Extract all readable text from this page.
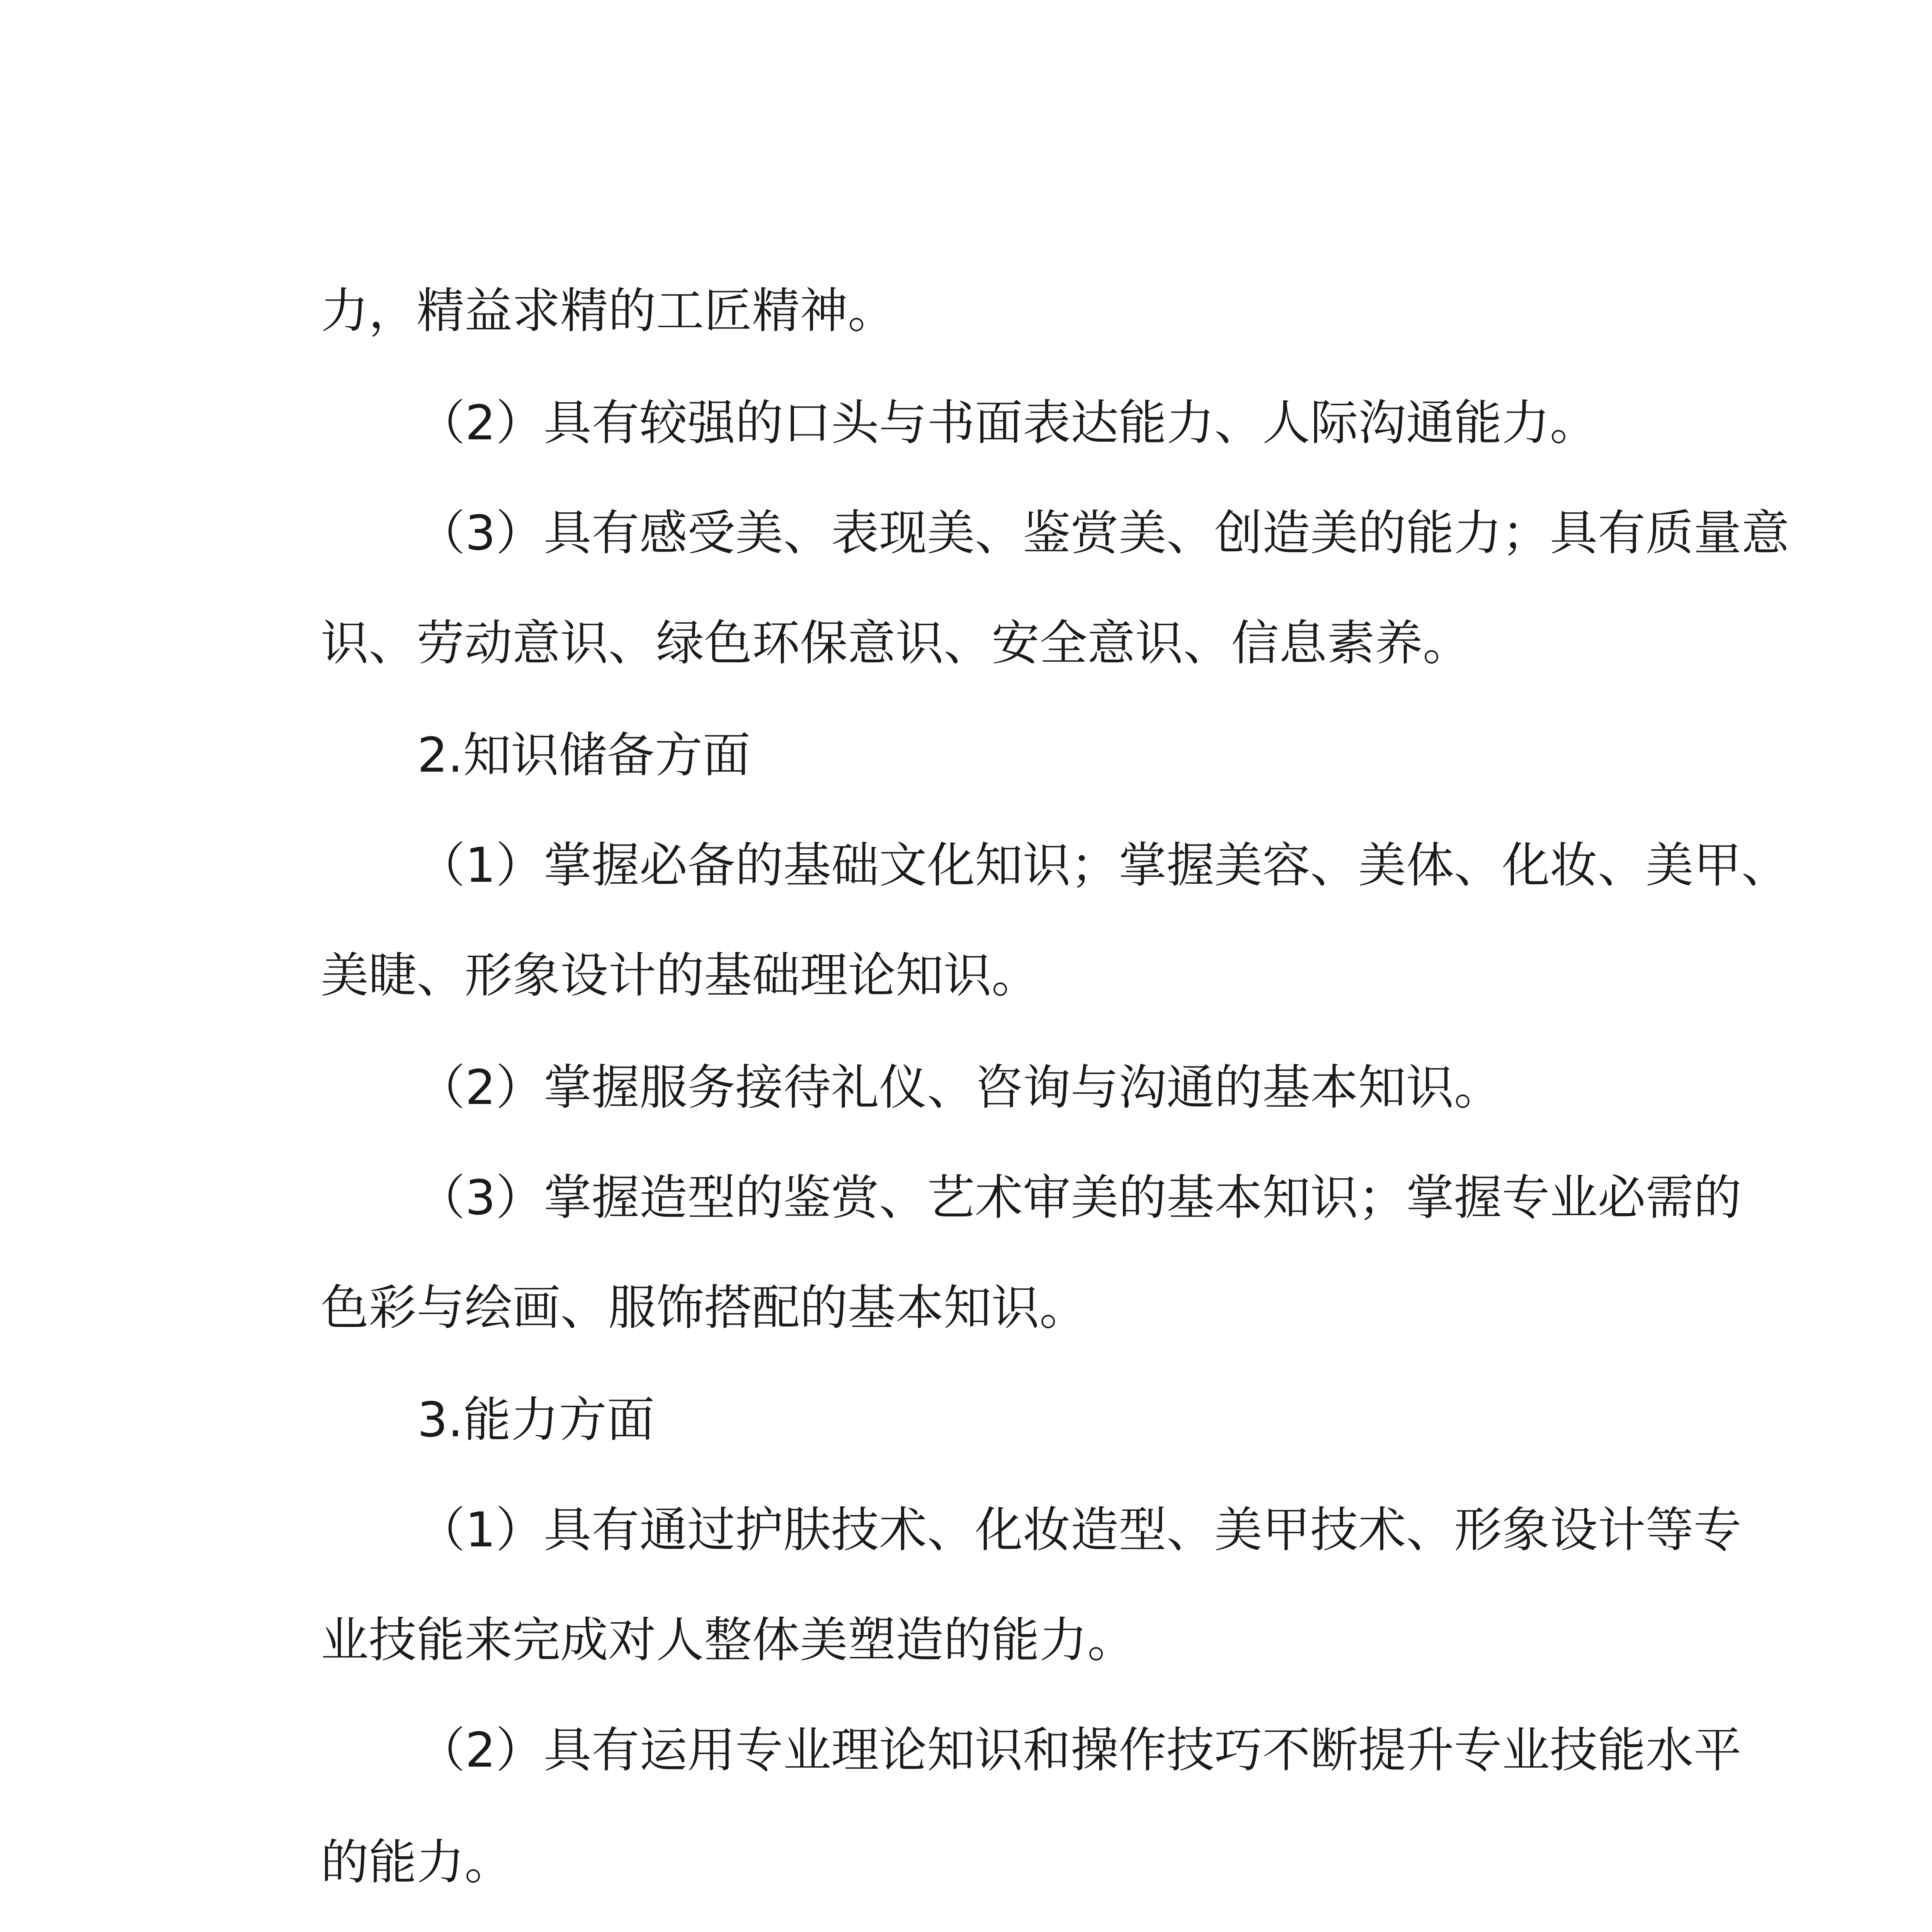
力，精益求精的工匠精神。
（2）具有较强的口头与书面表达能力、人际沟通能力。
（3）具有感受美、表现美、鉴赏美、创造美的能力；具有质量意
识、劳动意识、绿色环保意识、安全意识、信息素养。
2.知识储备方面
（1）掌握必备的基础文化知识；掌握美容、美体、化妆、美甲、
美睫、形象设计的基础理论知识。
（2）掌握服务接待礼仪、咨询与沟通的基本知识。
（3）掌握造型的鉴赏、艺术审美的基本知识；掌握专业必需的
色彩与绘画、服饰搭配的基本知识。
3.能力方面
（1）具有通过护肤技术、化妆造型、美甲技术、形象设计等专
业技能来完成对人整体美塑造的能力。
（2）具有运用专业理论知识和操作技巧不断提升专业技能水平
的能力。
